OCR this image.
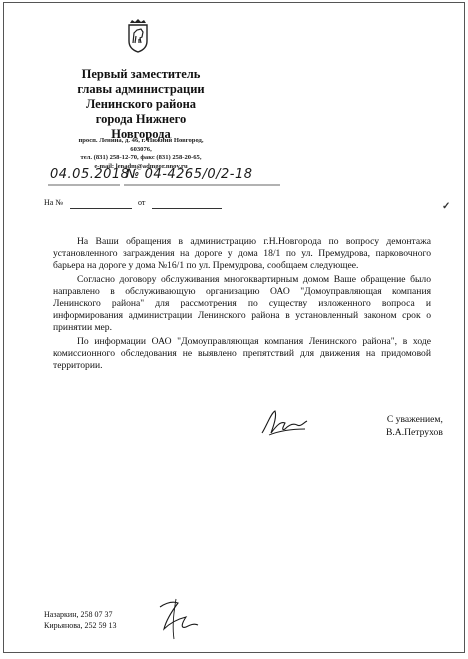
Первый заместитель
главы администрации
Ленинского района
города Нижнего Новгорода
просп. Ленина, д. 46, г. Нижний Новгород, 603076,
тел. (831) 258-12-70, факс (831) 258-20-65,
e-mail: lenadm@admgor.nnov.ru
04.05.2018
№ 04-4265/0/2-18
На №	от	✓

На Ваши обращения в администрацию г.Н.Новгорода по вопросу демонтажа установленного заграждения на дороге у дома 18/1 по ул. Премудрова, парковочного барьера на дороге у дома №16/1 по ул. Премудрова, сообщаем следующее.

Согласно договору обслуживания многоквартирным домом Ваше обращение было направлено в обслуживающую организацию ОАО "Домоуправляющая компания Ленинского района" для рассмотрения по существу изложенного вопроса и информирования администрации Ленинского района в установленный законом срок о принятии мер.

По информации ОАО "Домоуправляющая компания Ленинского района", в ходе комиссионного обследования не выявлено препятствий для движения на придомовой территории.

С уважением,
В.А.Петрухов
Назаркин, 258 07 37
Кирьянова, 252 59 13
